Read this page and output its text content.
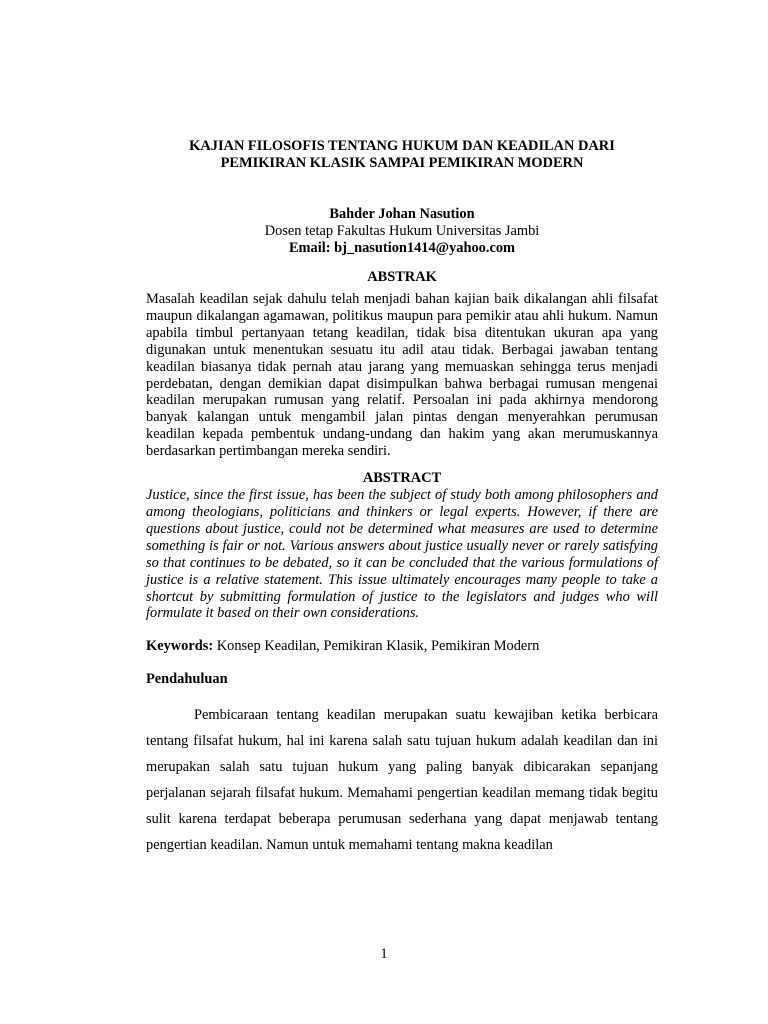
KAJIAN FILOSOFIS TENTANG HUKUM DAN KEADILAN DARI
PEMIKIRAN KLASIK SAMPAI PEMIKIRAN MODERN
Bahder Johan Nasution
Dosen tetap Fakultas Hukum Universitas Jambi
Email: bj_nasution1414@yahoo.com
ABSTRAK
Masalah keadilan sejak dahulu telah menjadi bahan kajian baik dikalangan ahli filsafat maupun dikalangan agamawan, politikus maupun para pemikir atau ahli hukum. Namun apabila timbul pertanyaan tetang keadilan, tidak bisa ditentukan ukuran apa yang digunakan untuk menentukan sesuatu itu adil atau tidak. Berbagai jawaban tentang keadilan biasanya tidak pernah atau jarang yang memuaskan sehingga terus menjadi perdebatan, dengan demikian dapat disimpulkan bahwa berbagai rumusan mengenai keadilan merupakan rumusan yang relatif. Persoalan ini pada akhirnya mendorong banyak kalangan untuk mengambil jalan pintas dengan menyerahkan perumusan keadilan kepada pembentuk undang-undang dan hakim yang akan merumuskannya berdasarkan pertimbangan mereka sendiri.
ABSTRACT
Justice, since the first issue, has been the subject of study both among philosophers and among theologians, politicians and thinkers or legal experts. However, if there are questions about justice, could not be determined what measures are used to determine something is fair or not. Various answers about justice usually never or rarely satisfying so that continues to be debated, so it can be concluded that the various formulations of justice is a relative statement. This issue ultimately encourages many people to take a shortcut by submitting formulation of justice to the legislators and judges who will formulate it based on their own considerations.
Keywords: Konsep Keadilan, Pemikiran Klasik, Pemikiran Modern
Pendahuluan
Pembicaraan tentang keadilan merupakan suatu kewajiban ketika berbicara tentang filsafat hukum, hal ini karena salah satu tujuan hukum adalah keadilan dan ini merupakan salah satu tujuan hukum yang paling banyak dibicarakan sepanjang perjalanan sejarah filsafat hukum. Memahami pengertian keadilan memang tidak begitu sulit karena terdapat beberapa perumusan sederhana yang dapat menjawab tentang pengertian keadilan. Namun untuk memahami tentang makna keadilan
1
